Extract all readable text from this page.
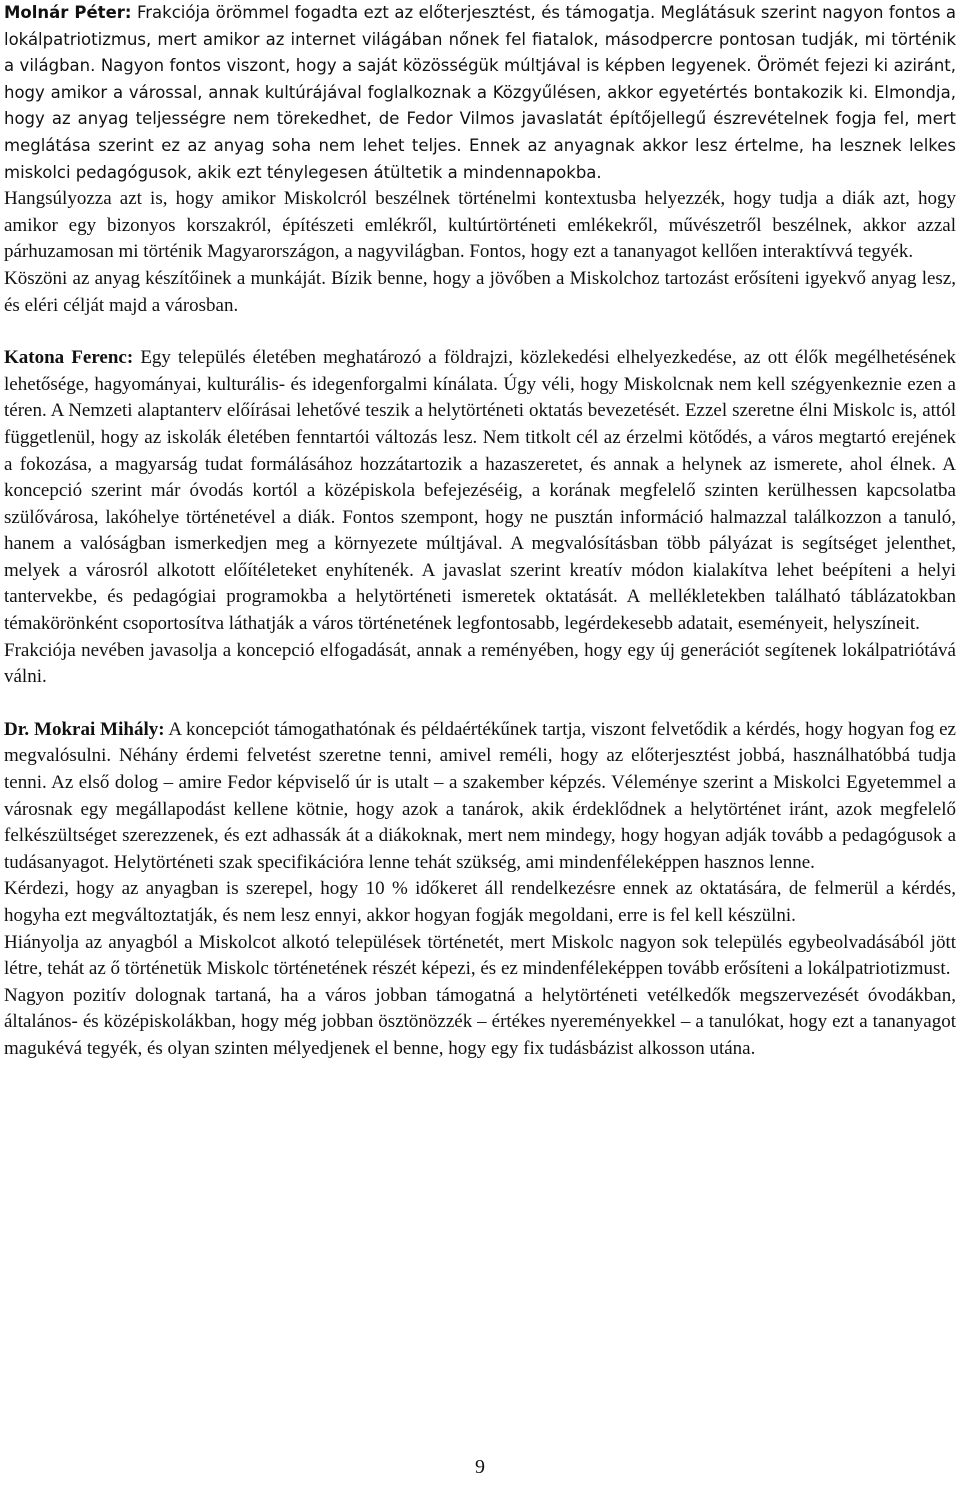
Molnár Péter: Frakciója örömmel fogadta ezt az előterjesztést, és támogatja. Meglátásuk szerint nagyon fontos a lokálpatriotizmus, mert amikor az internet világában nőnek fel fiatalok, másodpercre pontosan tudják, mi történik a világban. Nagyon fontos viszont, hogy a saját közösségük múltjával is képben legyenek. Örömét fejezi ki aziránt, hogy amikor a várossal, annak kultúrájával foglalkoznak a Közgyűlésen, akkor egyetértés bontakozik ki. Elmondja, hogy az anyag teljességre nem törekedhet, de Fedor Vilmos javaslatát építőjellegű észrevételnek fogja fel, mert meglátása szerint ez az anyag soha nem lehet teljes. Ennek az anyagnak akkor lesz értelme, ha lesznek lelkes miskolci pedagógusok, akik ezt ténylegesen átültetik a mindennapokba.

Hangsúlyozza azt is, hogy amikor Miskolcról beszélnek történelmi kontextusba helyezzék, hogy tudja a diák azt, hogy amikor egy bizonyos korszakról, építészeti emlékről, kultúrtörténeti emlékekről, művészetről beszélnek, akkor azzal párhuzamosan mi történik Magyarországon, a nagyvilágban. Fontos, hogy ezt a tananyagot kellően interaktívvá tegyék.

Köszöni az anyag készítőinek a munkáját. Bízik benne, hogy a jövőben a Miskolchoz tartozást erősíteni igyekvő anyag lesz, és eléri célját majd a városban.

Katona Ferenc: Egy település életében meghatározó a földrajzi, közlekedési elhelyezkedése, az ott élők megélhetésének lehetősége, hagyományai, kulturális- és idegenforgalmi kínálata. Úgy véli, hogy Miskolcnak nem kell szégyenkeznie ezen a téren. A Nemzeti alaptanterv előírásai lehetővé teszik a helytörténeti oktatás bevezetését. Ezzel szeretne élni Miskolc is, attól függetlenül, hogy az iskolák életében fenntartói változás lesz. Nem titkolt cél az érzelmi kötődés, a város megtartó erejének a fokozása, a magyarság tudat formálásához hozzátartozik a hazaszeretet, és annak a helynek az ismerete, ahol élnek. A koncepció szerint már óvodás kortól a középiskola befejezéséig, a korának megfelelő szinten kerülhessen kapcsolatba szülővárosa, lakóhelye történetével a diák. Fontos szempont, hogy ne pusztán információ halmazzal találkozzon a tanuló, hanem a valóságban ismerkedjen meg a környezete múltjával. A megvalósításban több pályázat is segítséget jelenthet, melyek a városról alkotott előítéleteket enyhítenék. A javaslat szerint kreatív módon kialakítva lehet beépíteni a helyi tantervekbe, és pedagógiai programokba a helytörténeti ismeretek oktatását. A mellékletekben található táblázatokban témakörönként csoportosítva láthatják a város történetének legfontosabb, legérdekesebb adatait, eseményeit, helyszíneit.

Frakciója nevében javasolja a koncepció elfogadását, annak a reményében, hogy egy új generációt segítenek lokálpatriótává válni.

Dr. Mokrai Mihály: A koncepciót támogathatónak és példaértékűnek tartja, viszont felvetődik a kérdés, hogy hogyan fog ez megvalósulni. Néhány érdemi felvetést szeretne tenni, amivel reméli, hogy az előterjesztést jobbá, használhatóbbá tudja tenni. Az első dolog – amire Fedor képviselő úr is utalt – a szakember képzés. Véleménye szerint a Miskolci Egyetemmel a városnak egy megállapodást kellene kötnie, hogy azok a tanárok, akik érdeklődnek a helytörténet iránt, azok megfelelő felkészültséget szerezzenek, és ezt adhassák át a diákoknak, mert nem mindegy, hogy hogyan adják tovább a pedagógusok a tudásanyagot. Helytörténeti szak specifikációra lenne tehát szükség, ami mindenféleképpen hasznos lenne.

Kérdezi, hogy az anyagban is szerepel, hogy 10 % időkeret áll rendelkezésre ennek az oktatására, de felmerül a kérdés, hogyha ezt megváltoztatják, és nem lesz ennyi, akkor hogyan fogják megoldani, erre is fel kell készülni.

Hiányolja az anyagból a Miskolcot alkotó települések történetét, mert Miskolc nagyon sok település egybeolvadásából jött létre, tehát az ő történetük Miskolc történetének részét képezi, és ez mindenféleképpen tovább erősíteni a lokálpatriotizmust.

Nagyon pozitív dolognak tartaná, ha a város jobban támogatná a helytörténeti vetélkedők megszervezését óvodákban, általános- és középiskolákban, hogy még jobban ösztönözzék – értékes nyereményekkel – a tanulókat, hogy ezt a tananyagot magukévá tegyék, és olyan szinten mélyedjenek el benne, hogy egy fix tudásbázist alkosson utána.

9
